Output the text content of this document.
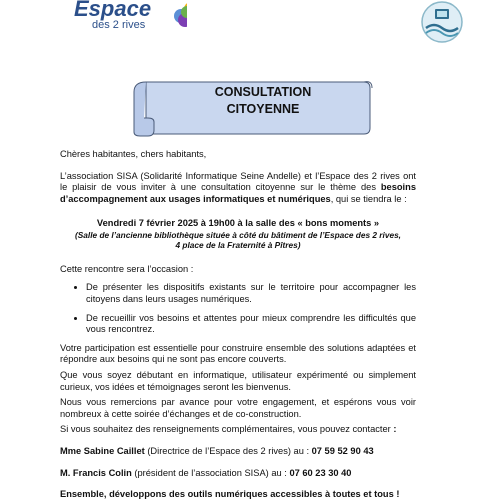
Espace
des 2 rives
CONSULTATION
CITOYENNE

Chères habitantes, chers habitants,

L’association SISA (Solidarité Informatique Seine Andelle) et l’Espace des 2 rives ont le plaisir de vous inviter à une consultation citoyenne sur le thème des besoins d’accompagnement aux usages informatiques et numériques, qui se tiendra le :

Vendredi 7 février 2025 à 19h00 à la salle des « bons moments »

(Salle de l’ancienne bibliothèque située à côté du bâtiment de l’Espace des 2 rives,

4 place de la Fraternité à Pîtres)

Cette rencontre sera l’occasion :

• De présenter les dispositifs existants sur le territoire pour accompagner les citoyens dans leurs usages numériques.
• De recueillir vos besoins et attentes pour mieux comprendre les difficultés que vous rencontrez.

Votre participation est essentielle pour construire ensemble des solutions adaptées et répondre aux besoins qui ne sont pas encore couverts.

Que vous soyez débutant en informatique, utilisateur expérimenté ou simplement curieux, vos idées et témoignages seront les bienvenus.

Nous vous remercions par avance pour votre engagement, et espérons vous voir nombreux à cette soirée d’échanges et de co-construction.

Si vous souhaitez des renseignements complémentaires, vous pouvez contacter :

Mme Sabine Caillet (Directrice de l’Espace des 2 rives) au : 07 59 52 90 43

M. Francis Colin (président de l’association SISA) au : 07 60 23 30 40

Ensemble, développons des outils numériques accessibles à toutes et tous !
